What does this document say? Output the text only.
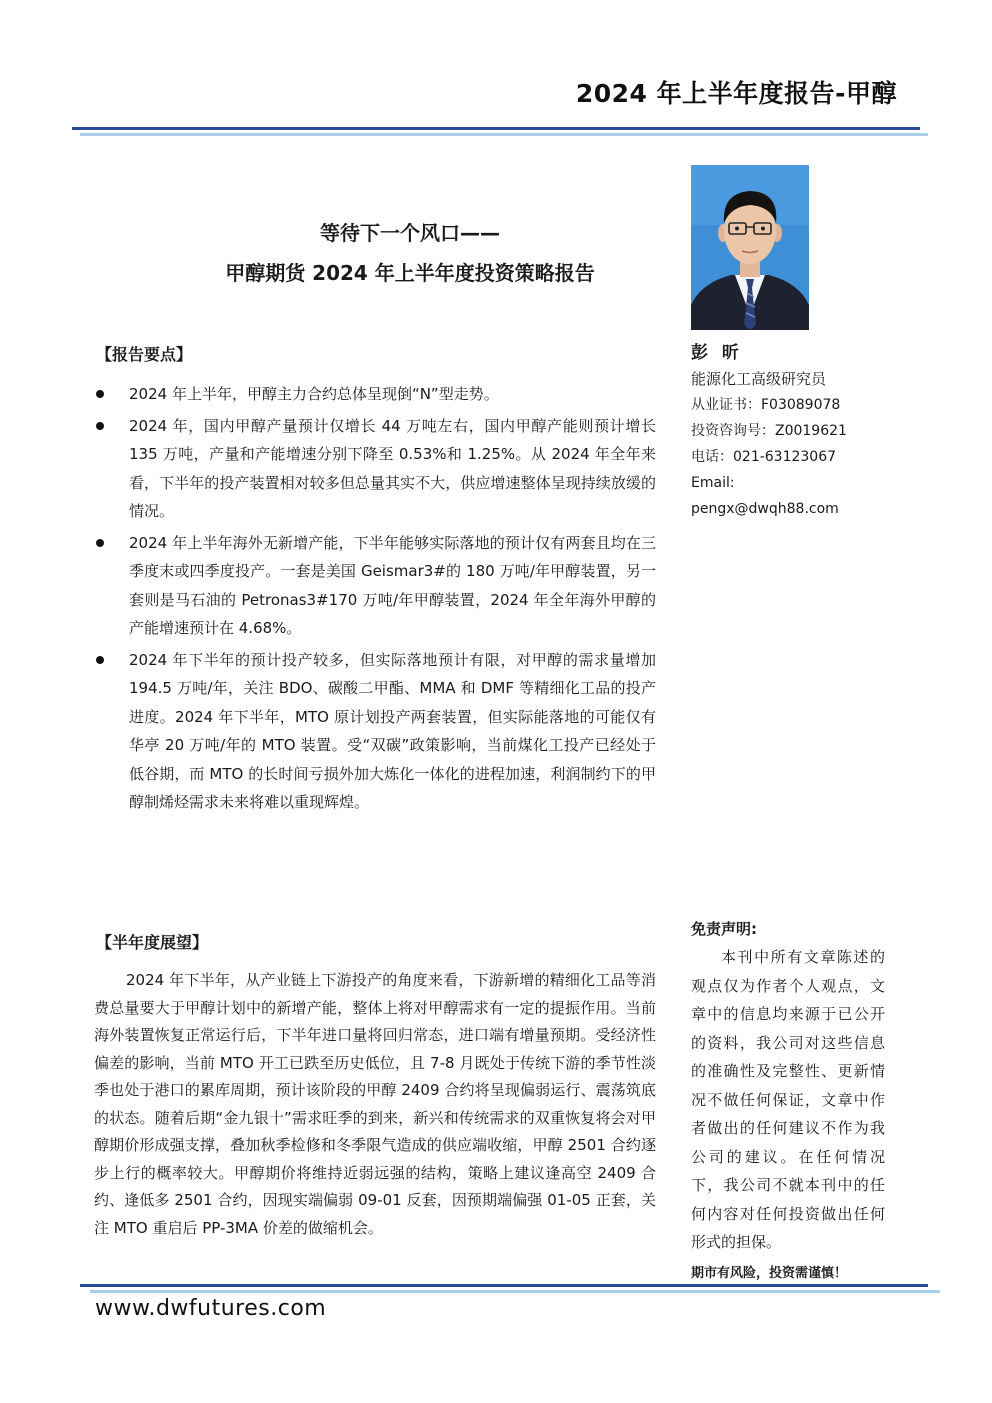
2024 年上半年度报告-甲醇
等待下一个风口——
甲醇期货 2024 年上半年度投资策略报告
彭 昕
能源化工高级研究员
从业证书：F03089078
投资咨询号：Z0019621
电话：021-63123067
Email:
pengx@dwqh88.com
【报告要点】
2024 年上半年，甲醇主力合约总体呈现倒“N”型走势。
2024 年，国内甲醇产量预计仅增长 44 万吨左右，国内甲醇产能则预计增长 135 万吨，产量和产能增速分别下降至 0.53%和 1.25%。从 2024 年全年来看，下半年的投产装置相对较多但总量其实不大，供应增速整体呈现持续放缓的情况。
2024 年上半年海外无新增产能，下半年能够实际落地的预计仅有两套且均在三季度末或四季度投产。一套是美国 Geismar3#的 180 万吨/年甲醇装置，另一套则是马石油的 Petronas3#170 万吨/年甲醇装置，2024 年全年海外甲醇的产能增速预计在 4.68%。
2024 年下半年的预计投产较多，但实际落地预计有限，对甲醇的需求量增加 194.5 万吨/年，关注 BDO、碳酸二甲酯、MMA 和 DMF 等精细化工品的投产进度。2024 年下半年，MTO 原计划投产两套装置，但实际能落地的可能仅有华亭 20 万吨/年的 MTO 装置。受“双碳”政策影响，当前煤化工投产已经处于低谷期，而 MTO 的长时间亏损外加大炼化一体化的进程加速，利润制约下的甲醇制烯烃需求未来将难以重现辉煌。
【半年度展望】

2024 年下半年，从产业链上下游投产的角度来看，下游新增的精细化工品等消费总量要大于甲醇计划中的新增产能，整体上将对甲醇需求有一定的提振作用。当前海外装置恢复正常运行后，下半年进口量将回归常态，进口端有增量预期。受经济性偏差的影响，当前 MTO 开工已跌至历史低位，且 7-8 月既处于传统下游的季节性淡季也处于港口的累库周期，预计该阶段的甲醇 2409 合约将呈现偏弱运行、震荡筑底的状态。随着后期“金九银十”需求旺季的到来，新兴和传统需求的双重恢复将会对甲醇期价形成强支撑，叠加秋季检修和冬季限气造成的供应端收缩，甲醇 2501 合约逐步上行的概率较大。甲醇期价将维持近弱远强的结构，策略上建议逢高空 2409 合约、逢低多 2501 合约，因现实端偏弱 09-01 反套，因预期端偏强 01-05 正套，关注 MTO 重启后 PP-3MA 价差的做缩机会。

免责声明:

本刊中所有文章陈述的观点仅为作者个人观点，文章中的信息均来源于已公开的资料，我公司对这些信息的准确性及完整性、更新情况不做任何保证，文章中作者做出的任何建议不作为我公司的建议。在任何情况下，我公司不就本刊中的任何内容对任何投资做出任何形式的担保。

期市有风险，投资需谨慎！
www.dwfutures.com
